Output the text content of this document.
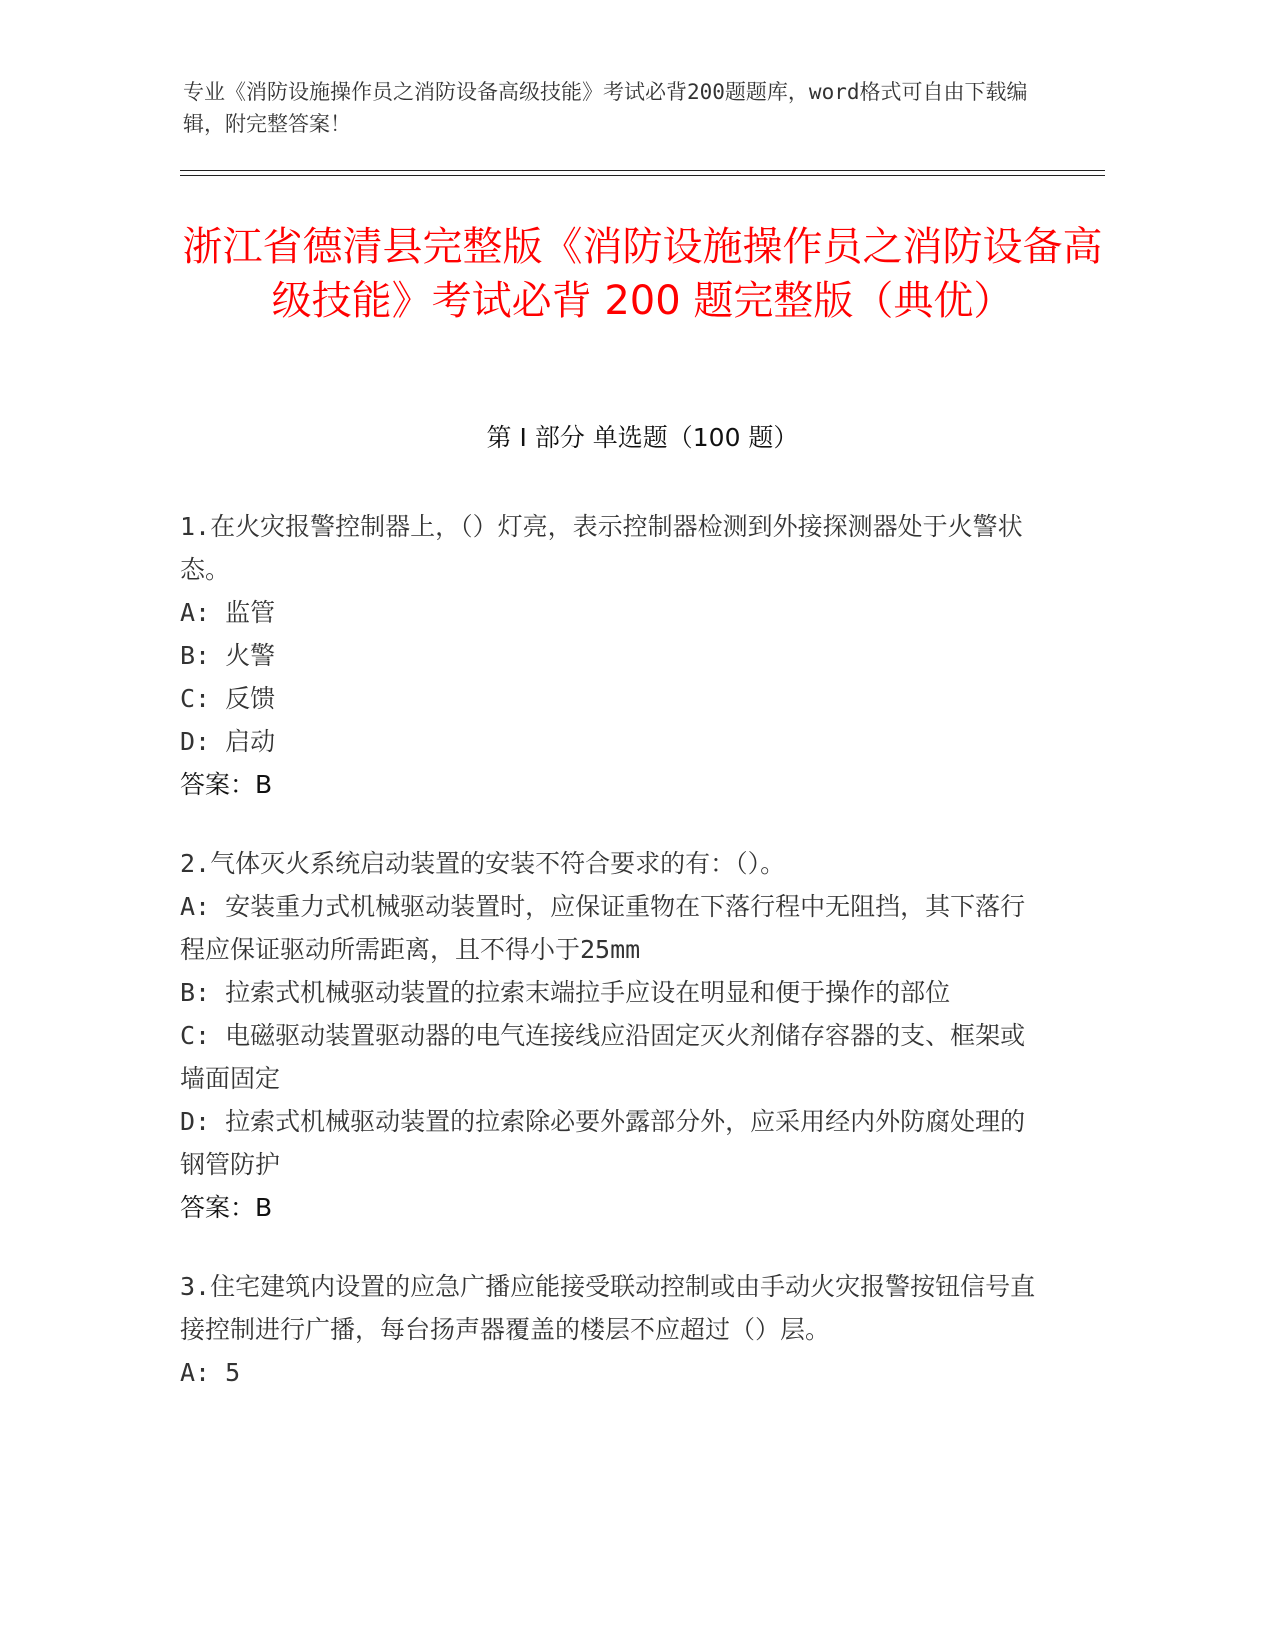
专业《消防设施操作员之消防设备高级技能》考试必背200题题库，word格式可自由下载编辑，附完整答案！
浙江省德清县完整版《消防设施操作员之消防设备高级技能》考试必背 200 题完整版（典优）
第 I 部分 单选题（100 题）

1.在火灾报警控制器上，（）灯亮，表示控制器检测到外接探测器处于火警状态。

A: 监管

B: 火警

C: 反馈

D: 启动

答案：B

2.气体灭火系统启动装置的安装不符合要求的有：（）。

A: 安装重力式机械驱动装置时，应保证重物在下落行程中无阻挡，其下落行程应保证驱动所需距离，且不得小于25mm

B: 拉索式机械驱动装置的拉索末端拉手应设在明显和便于操作的部位

C: 电磁驱动装置驱动器的电气连接线应沿固定灭火剂储存容器的支、框架或墙面固定

D: 拉索式机械驱动装置的拉索除必要外露部分外，应采用经内外防腐处理的钢管防护

答案：B

3.住宅建筑内设置的应急广播应能接受联动控制或由手动火灾报警按钮信号直接控制进行广播，每台扬声器覆盖的楼层不应超过（）层。

A: 5
